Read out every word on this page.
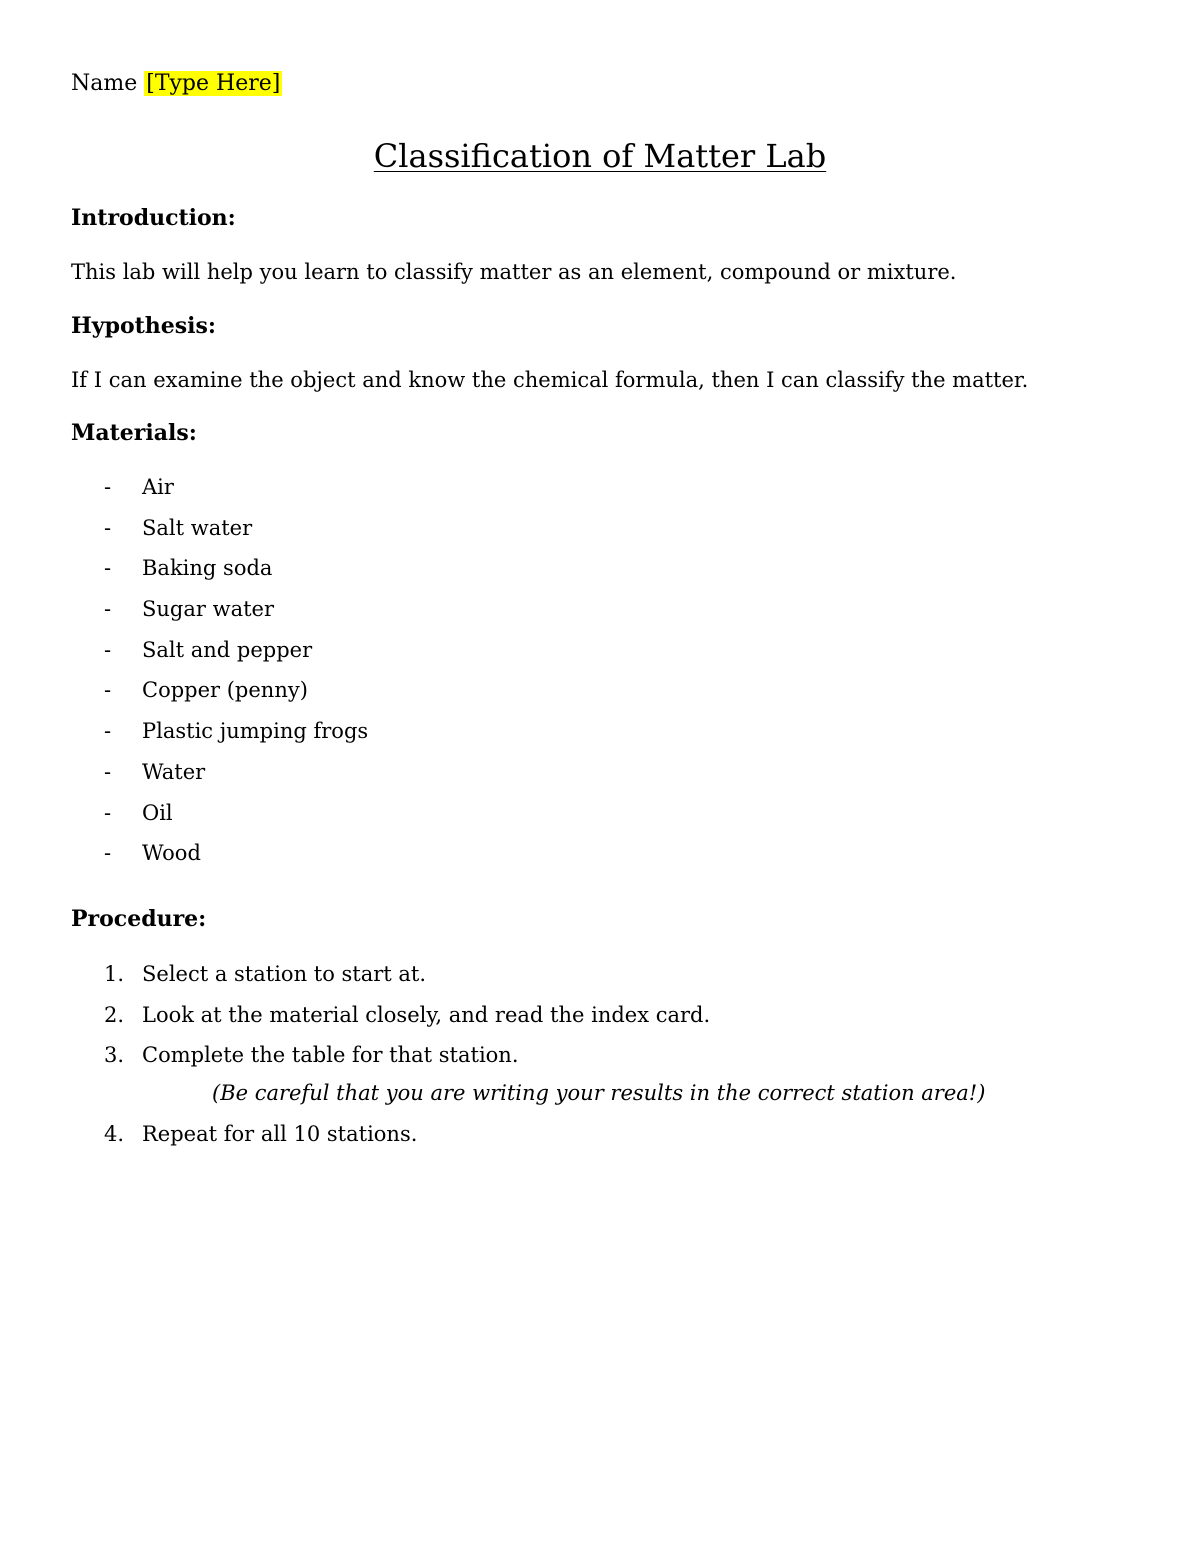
Name [Type Here]
Classification of Matter Lab
Introduction:
This lab will help you learn to classify matter as an element, compound or mixture.
Hypothesis:
If I can examine the object and know the chemical formula, then I can classify the matter.
Materials:
- Air
- Salt water
- Baking soda
- Sugar water
- Salt and pepper
- Copper (penny)
- Plastic jumping frogs
- Water
- Oil
- Wood
Procedure:
1. Select a station to start at.
2. Look at the material closely, and read the index card.
3. Complete the table for that station.
(Be careful that you are writing your results in the correct station area!)
4. Repeat for all 10 stations.
